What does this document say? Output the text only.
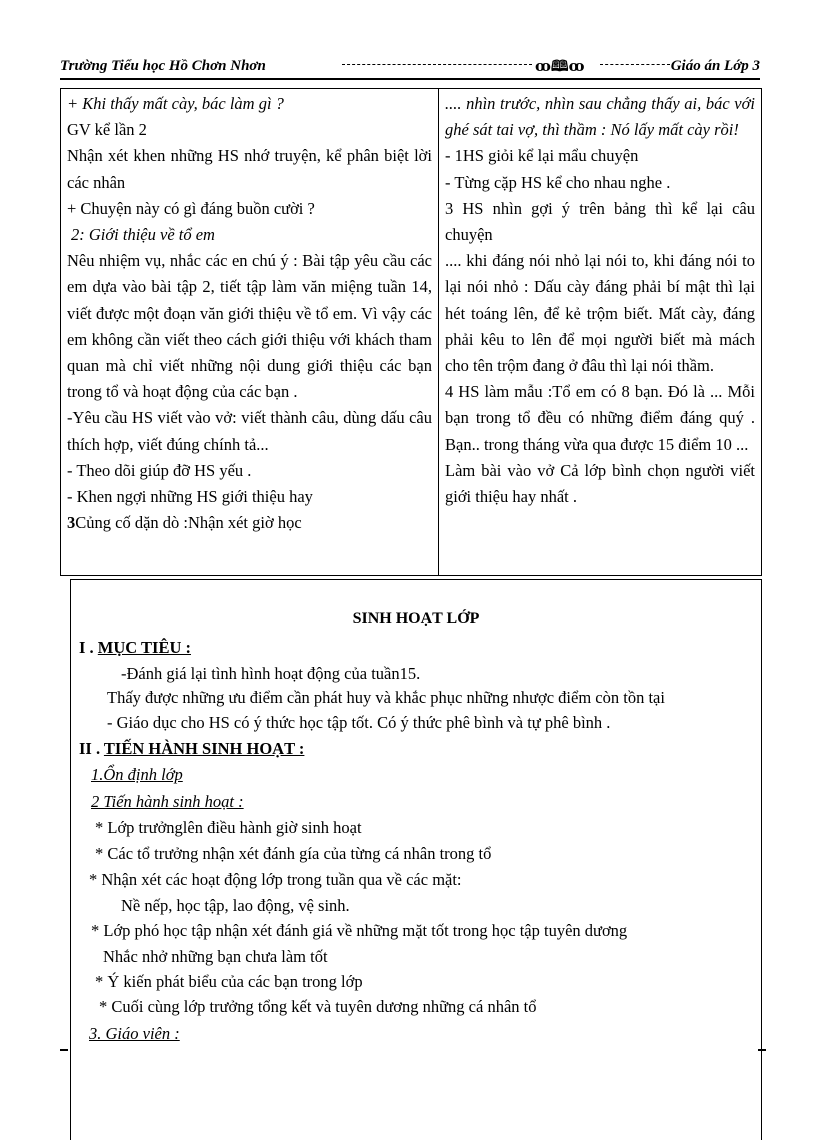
Trường Tiểu học Hồ Chơn Nhơn	ꝏ🕮ꝏ	Giáo án Lớp 3

+ Khi thấy mất cày, bác làm gì ?

GV kể lần 2

Nhận xét khen những HS nhớ truyện, kể phân biệt lời các nhân

+ Chuyện này có gì đáng buồn cười ?

2: Giới thiệu về tổ em

Nêu nhiệm vụ, nhắc các en chú ý : Bài tập yêu cầu các em dựa vào bài tập 2, tiết tập làm văn miệng tuần 14, viết được một đoạn văn giới thiệu về tổ em. Vì vậy các em không cần viết theo cách giới thiệu với khách tham quan mà chỉ viết những nội dung giới thiệu các bạn trong tổ và hoạt động của các bạn .

-Yêu cầu HS viết vào vở: viết thành câu, dùng dấu câu thích hợp, viết đúng chính tả...

- Theo dõi giúp đỡ HS yếu .

- Khen ngợi những HS giới thiệu hay

3Củng cố dặn dò :Nhận xét giờ học

.... nhìn trước, nhìn sau chẳng thấy ai, bác với ghé sát tai vợ, thì thầm : Nó lấy mất cày rồi!

- 1HS giỏi kể lại mẩu chuyện

- Từng cặp HS kể cho nhau nghe .

3 HS nhìn gợi ý trên bảng thì kể lại câu chuyện

.... khi đáng nói nhỏ lại nói to, khi đáng nói to lại nói nhỏ : Dấu cày đáng phải bí mật thì lại hét toáng lên, để kẻ trộm biết. Mất cày, đáng phải kêu to lên để mọi người biết mà mách cho tên trộm đang ở đâu thì lại nói thầm.

4 HS làm mẫu :Tổ em có 8 bạn. Đó là ... Mỗi bạn trong tổ đều có những điểm đáng quý . Bạn.. trong tháng vừa qua được 15 điểm 10 ...

Làm bài vào vở Cả lớp bình chọn người viết giới thiệu hay nhất .

SINH HOẠT LỚP
I . MỤC TIÊU :
-Đánh giá lại tình hình hoạt động của tuần15.
Thấy được những ưu điểm cần phát huy và khắc phục những nhược điểm còn tồn tại
- Giáo dục cho HS có ý thức học tập tốt. Có ý thức phê bình và tự phê bình .
II . TIẾN HÀNH SINH HOẠT :
1.Ổn định lớp
2 Tiến hành sinh hoạt :
* Lớp trưởnglên điều hành giờ sinh hoạt
* Các tổ trưởng nhận xét đánh gía của từng cá nhân trong tổ
* Nhận xét các hoạt động lớp trong tuần qua về các mặt:
Nề nếp, học tập, lao động, vệ sinh.
* Lớp phó học tập nhận xét đánh giá về những mặt tốt trong học tập tuyên dương
Nhắc nhở những bạn chưa làm tốt
* Ý kiến phát biểu của các bạn trong lớp
* Cuối cùng lớp trưởng tổng kết và tuyên dương những cá nhân tổ
3. Giáo viên :
